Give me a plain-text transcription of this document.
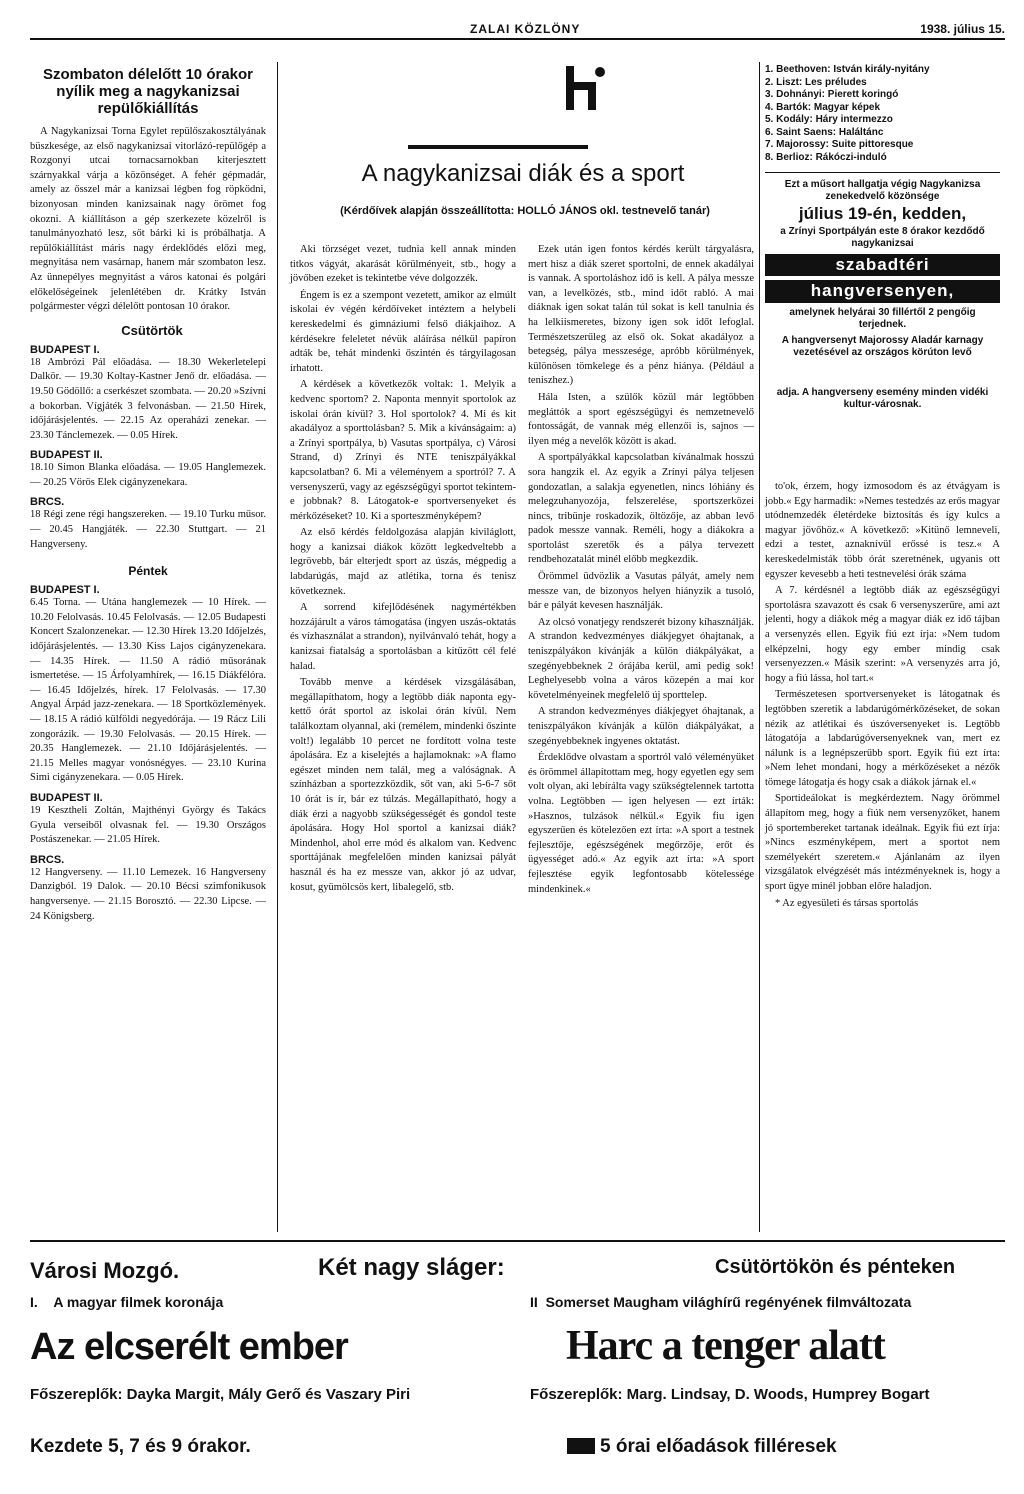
ZALAI KÖZLÖNY	1938. július 15.
Szombaton délelőtt 10 órakor nyílik meg a nagykanizsai repülőkiállítás

A Nagykanizsai Torna Egylet repülőszakosztályának büszkesége, az első nagykanizsai vitorlázó-repülőgép a Rozgonyi utcai tornacsarnokban kiterjesztett szárnyakkal várja a közönséget. A fehér gépmadár, amely az ősszel már a kanizsai légben fog röpködni, bizonyosan minden kanizsainak nagy örömet fog okozni. A kiállításon a gép szerkezete közelről is tanulmányozható lesz, sőt bárki ki is próbálhatja. A repülőkiállítást máris nagy érdeklődés előzi meg, megnyitása nem vasárnap, hanem már szombaton lesz. Az ünnepélyes megnyitást a város katonai és polgári előkelőségeinek jelenlétében dr. Krátky István polgármester végzi délelőtt pontosan 10 órakor.

Csütörtök
BUDAPEST I.

18 Ambrózi Pál előadása. — 18.30 Wekerletelepi Dalkör. — 19.30 Koltay-Kastner Jenő dr. előadása. — 19.50 Gödöllő: a cserkészet szombata. — 20.20 »Szívni a bokorban. Vígjáték 3 felvonásban. — 21.50 Hírek, időjárásjelentés. — 22.15 Az operaházi zenekar. — 23.30 Tánclemezek. — 0.05 Hírek.

BUDAPEST II.

18.10 Simon Blanka előadása. — 19.05 Hanglemezek. — 20.25 Vörös Elek cigányzenekara.

BRCS.

18 Régi zene régi hangszereken. — 19.10 Turku műsor. — 20.45 Hangjáték. — 22.30 Stuttgart. — 21 Hangverseny.

Péntek
BUDAPEST I.

6.45 Torna. — Utána hanglemezek — 10 Hírek. — 10.20 Felolvasás. 10.45 Felolvasás. — 12.05 Budapesti Koncert Szalonzenekar. — 12.30 Hírek 13.20 Időjelzés, időjárásjelentés. — 13.30 Kiss Lajos cigányzenekara. — 14.35 Hírek. — 11.50 A rádió műsorának ismertetése. — 15 Árfolyamhírek, — 16.15 Diákfélóra. — 16.45 Időjelzés, hírek. 17 Felolvasás. — 17.30 Angyal Árpád jazz-zenekara. — 18 Sportközlemények. — 18.15 A rádió külföldi negyedórája. — 19 Rácz Lili zongorázik. — 19.30 Felolvasás. — 20.15 Hírek. — 20.35 Hanglemezek. — 21.10 Időjárásjelentés. — 21.15 Melles magyar vonósnégyes. — 23.10 Kurina Simi cigányzenekara. — 0.05 Hírek.

BUDAPEST II.

19 Kesztheli Zoltán, Majthényi György és Takács Gyula verseiből olvasnak fel. — 19.30 Országos Postászenekar. — 21.05 Hírek.

BRCS.

12 Hangverseny. — 11.10 Lemezek. 16 Hangverseny Danzigból. 19 Dalok. — 20.10 Bécsi szimfonikusok hangversenye. — 21.15 Borosztó. — 22.30 Lipcse. — 24 Königsberg.

A nagykanizsai diák és a sport
(Kérdőívek alapján összeállította: HOLLÓ JÁNOS okl. testnevelő tanár)

Aki törzséget vezet, tudnia kell annak minden titkos vágyát, akarását körülményeit, stb., hogy a jövőben ezeket is tekintetbe véve dolgozzék.

Éngem is ez a szempont vezetett, amikor az elmúlt iskolai év végén kérdőíveket intéztem a helybeli kereskedelmi és gimnáziumi felső diákjaihoz. A kérdésekre feleletet névük aláírása nélkül papíron adták be, tehát mindenki őszintén és tárgyilagosan írhatott.

A kérdések a következők voltak: 1. Melyik a kedvenc sportom? 2. Naponta mennyit sportolok az iskolai órán kívül? 3. Hol sportolok? 4. Mi és kit akadályoz a sporttolásban? 5. Mik a kívánságaim: a) a Zrínyi sportpálya, b) Vasutas sportpálya, c) Városi Strand, d) Zrínyi és NTE teniszpályákkal kapcsolatban? 6. Mi a véleményem a sportról? 7. A versenyszerű, vagy az egészségügyi sportot tekintem-e jobbnak? 8. Látogatok-e sportversenyeket és mérkőzéseket? 10. Ki a sporteszményképem?

Az első kérdés feldolgozása alapján kiviláglott, hogy a kanizsai diákok között legkedveltebb a legrövebb, bár elterjedt sport az úszás, mégpedig a labdarúgás, majd az atlétika, torna és tenisz következnek.

A sorrend kifejlődésének nagymértékben hozzájárult a város támogatása (ingyen uszás-oktatás és vízhasználat a strandon), nyilvánvaló tehát, hogy a kanizsai fiatalság a sportolásban a kitűzött cél felé halad.

Tovább menve a kérdések vizsgálásában, megállapíthatom, hogy a legtöbb diák naponta egy-kettő órát sportol az iskolai órán kívül. Nem találkoztam olyannal, aki (remélem, mindenki őszinte volt!) legalább 10 percet ne fordított volna teste ápolására. Ez a kiselejtés a hajlamoknak: »A flamo egészet minden nem talál, meg a valóságnak. A színházban a sportezzközdik, sőt van, aki 5-6-7 sőt 10 órát is ír, bár ez túlzás. Megállapítható, hogy a diák érzi a nagyobb szükségességét és gondol teste ápolására. Hogy Hol sportol a kanizsai diák? Mindenhol, ahol erre mód és alkalom van. Kedvenc sporttájának megfelelően minden kanizsai pályát használ és ha ez messze van, akkor jó az udvar, kosut, gyümölcsös kert, libalegelő, stb.

Ezek után igen fontos kérdés került tárgyalásra, mert hisz a diák szeret sportolni, de ennek akadályai is vannak. A sportoláshoz idő is kell. A pálya messze van, a levelközés, stb., mind időt rabló. A mai diáknak igen sokat talán túl sokat is kell tanulnia és ha lelkiismeretes, bizony igen sok időt lefoglal. Természetszerűleg az első ok. Sokat akadályoz a betegség, pálya messzesége, apróbb körülmények, különösen tömkelege és a pénz hiánya. (Például a teniszhez.)

Hála Isten, a szülők közül már legtöbben megláttók a sport egészségügyi és nemzetnevelő fontosságát, de vannak még ellenzői is, sajnos — ilyen még a nevelők között is akad.

A sportpályákkal kapcsolatban kívánalmak hosszú sora hangzik el. Az egyik a Zrínyi pálya teljesen gondozatlan, a salakja egyenetlen, nincs lóhiány és melegzuhanyozója, felszerelése, sportszerközei nincs, tribünje roskadozik, öltözője, az abban levő padok messze vannak. Reméli, hogy a diákokra a sportolást szeretők és a pálya tervezett rendbehozatalát minél előbb megkezdik.

Örömmel üdvözlik a Vasutas pályát, amely nem messze van, de bizonyos helyen hiányzik a tusoló, bár e pályát kevesen használják.

Az olcsó vonatjegy rendszerét bizony kíhasználják. A strandon kedvezményes diákjegyet óhajtanak, a teniszpályákon kívánják a külön diákpályákat, a szegényebbeknek 2 órájába kerül, ami pedig sok! Leghelyesebb volna a város közepén a mai kor követelményeinek megfelelő új sporttelep.

A strandon kedvezményes diákjegyet óhajtanak, a teniszpályákon kívánják a külön diákpályákat, a szegényebbeknek ingyenes oktatást.

Érdeklődve olvastam a sportról való véleményüket és örömmel állapítottam meg, hogy egyetlen egy sem volt olyan, aki lebírálta vagy szükségtelennek tartotta volna. Legtöbben — igen helyesen — ezt írták: »Hasznos, tulzások nélkül.« Egyik fiu igen egyszerűen és kötelezően ezt írta: »A sport a testnek fejlesztője, egészségének megőrzője, erőt és ügyességet adó.« Az egyik azt írta: »A sport fejlesztése egyik legfontosabb kötelessége mindenkinek.«

1. Beethoven: István király-nyitány
2. Liszt: Les préludes
3. Dohnányi: Pierett koringó
4. Bartók: Magyar képek
5. Kodály: Háry intermezzo
6. Saint Saens: Haláltánc
7. Majorossy: Suite pittoresque
8. Berlioz: Rákóczi-induló
Ezt a műsort hallgatja végig Nagykanizsa zenekedvelő közönsége
július 19-én, kedden,
a Zrínyi Sportpályán este 8 órakor kezdődő nagykanizsai
szabadtéri
hangversenyen,
amelynek helyárai 30 fillértől 2 pengőig terjednek.
A hangversenyt Majorossy Aladár karnagy vezetésével az országos körúton levő
adja. A hangverseny esemény minden vidéki kultur-városnak.

to'ok, érzem, hogy izmosodom és az étvágyam is jobb.« Egy harmadik: »Nemes testedzés az erős magyar utódnemzedék életérdeke biztosítás és így kulcs a magyar jövőhöz.« A következő: »Kitünő lemneveli, edzi a testet, aznaknívül erőssé is tesz.« A kereskedelmisták több órát szeretnének, ugyanis ott egyszer kevesebb a heti testnevelési órák száma

A 7. kérdésnél a legtöbb diák az egészségügyi sportolásra szavazott és csak 6 versenyszerűre, ami azt jelenti, hogy a diákok még a magyar diák ez idő tájban a versenyzés ellen. Egyik fiú ezt írja: »Nem tudom elképzelni, hogy egy ember mindig csak versenyezzen.« Másik szerint: »A versenyzés arra jó, hogy a fiú lássa, hol tart.«

Természetesen sportversenyeket is látogatnak és legtöbben szeretik a labdarúgómérkőzéseket, de sokan nézik az atlétikai és úszóversenyeket is. Legtöbb látogatója a labdarúgóversenyeknek van, mert ez nálunk is a legnépszerűbb sport. Egyik fiú ezt írta: »Nem lehet mondani, hogy a mérkőzéseket a nézők tömege látogatja és hogy csak a diákok járnak el.«

Sportideálokat is megkérdeztem. Nagy örömmel állapítom meg, hogy a fiúk nem versenyzőket, hanem jó sportembereket tartanak ideálnak. Egyik fiú ezt írja: »Nincs eszményképem, mert a sportot nem személyekért szeretem.« Ajánlanám az ilyen vizsgálatok elvégzését más intézményeknek is, hogy a sport ügye minél jobban előre haladjon.

* Az egyesületi és társas sportolás

Városi Mozgó.	Két nagy sláger:	Csütörtökön és pénteken
I. A magyar filmek koronája	II Somerset Maugham világhírű regényének filmváltozata
Az elcserélt ember	Harc a tenger alatt
Főszereplők: Dayka Margit, Mály Gerő és Vaszary Piri	Főszereplők: Marg. Lindsay, D. Woods, Humprey Bogart
Kezdete 5, 7 és 9 órakor.	5 órai előadások filléresek
